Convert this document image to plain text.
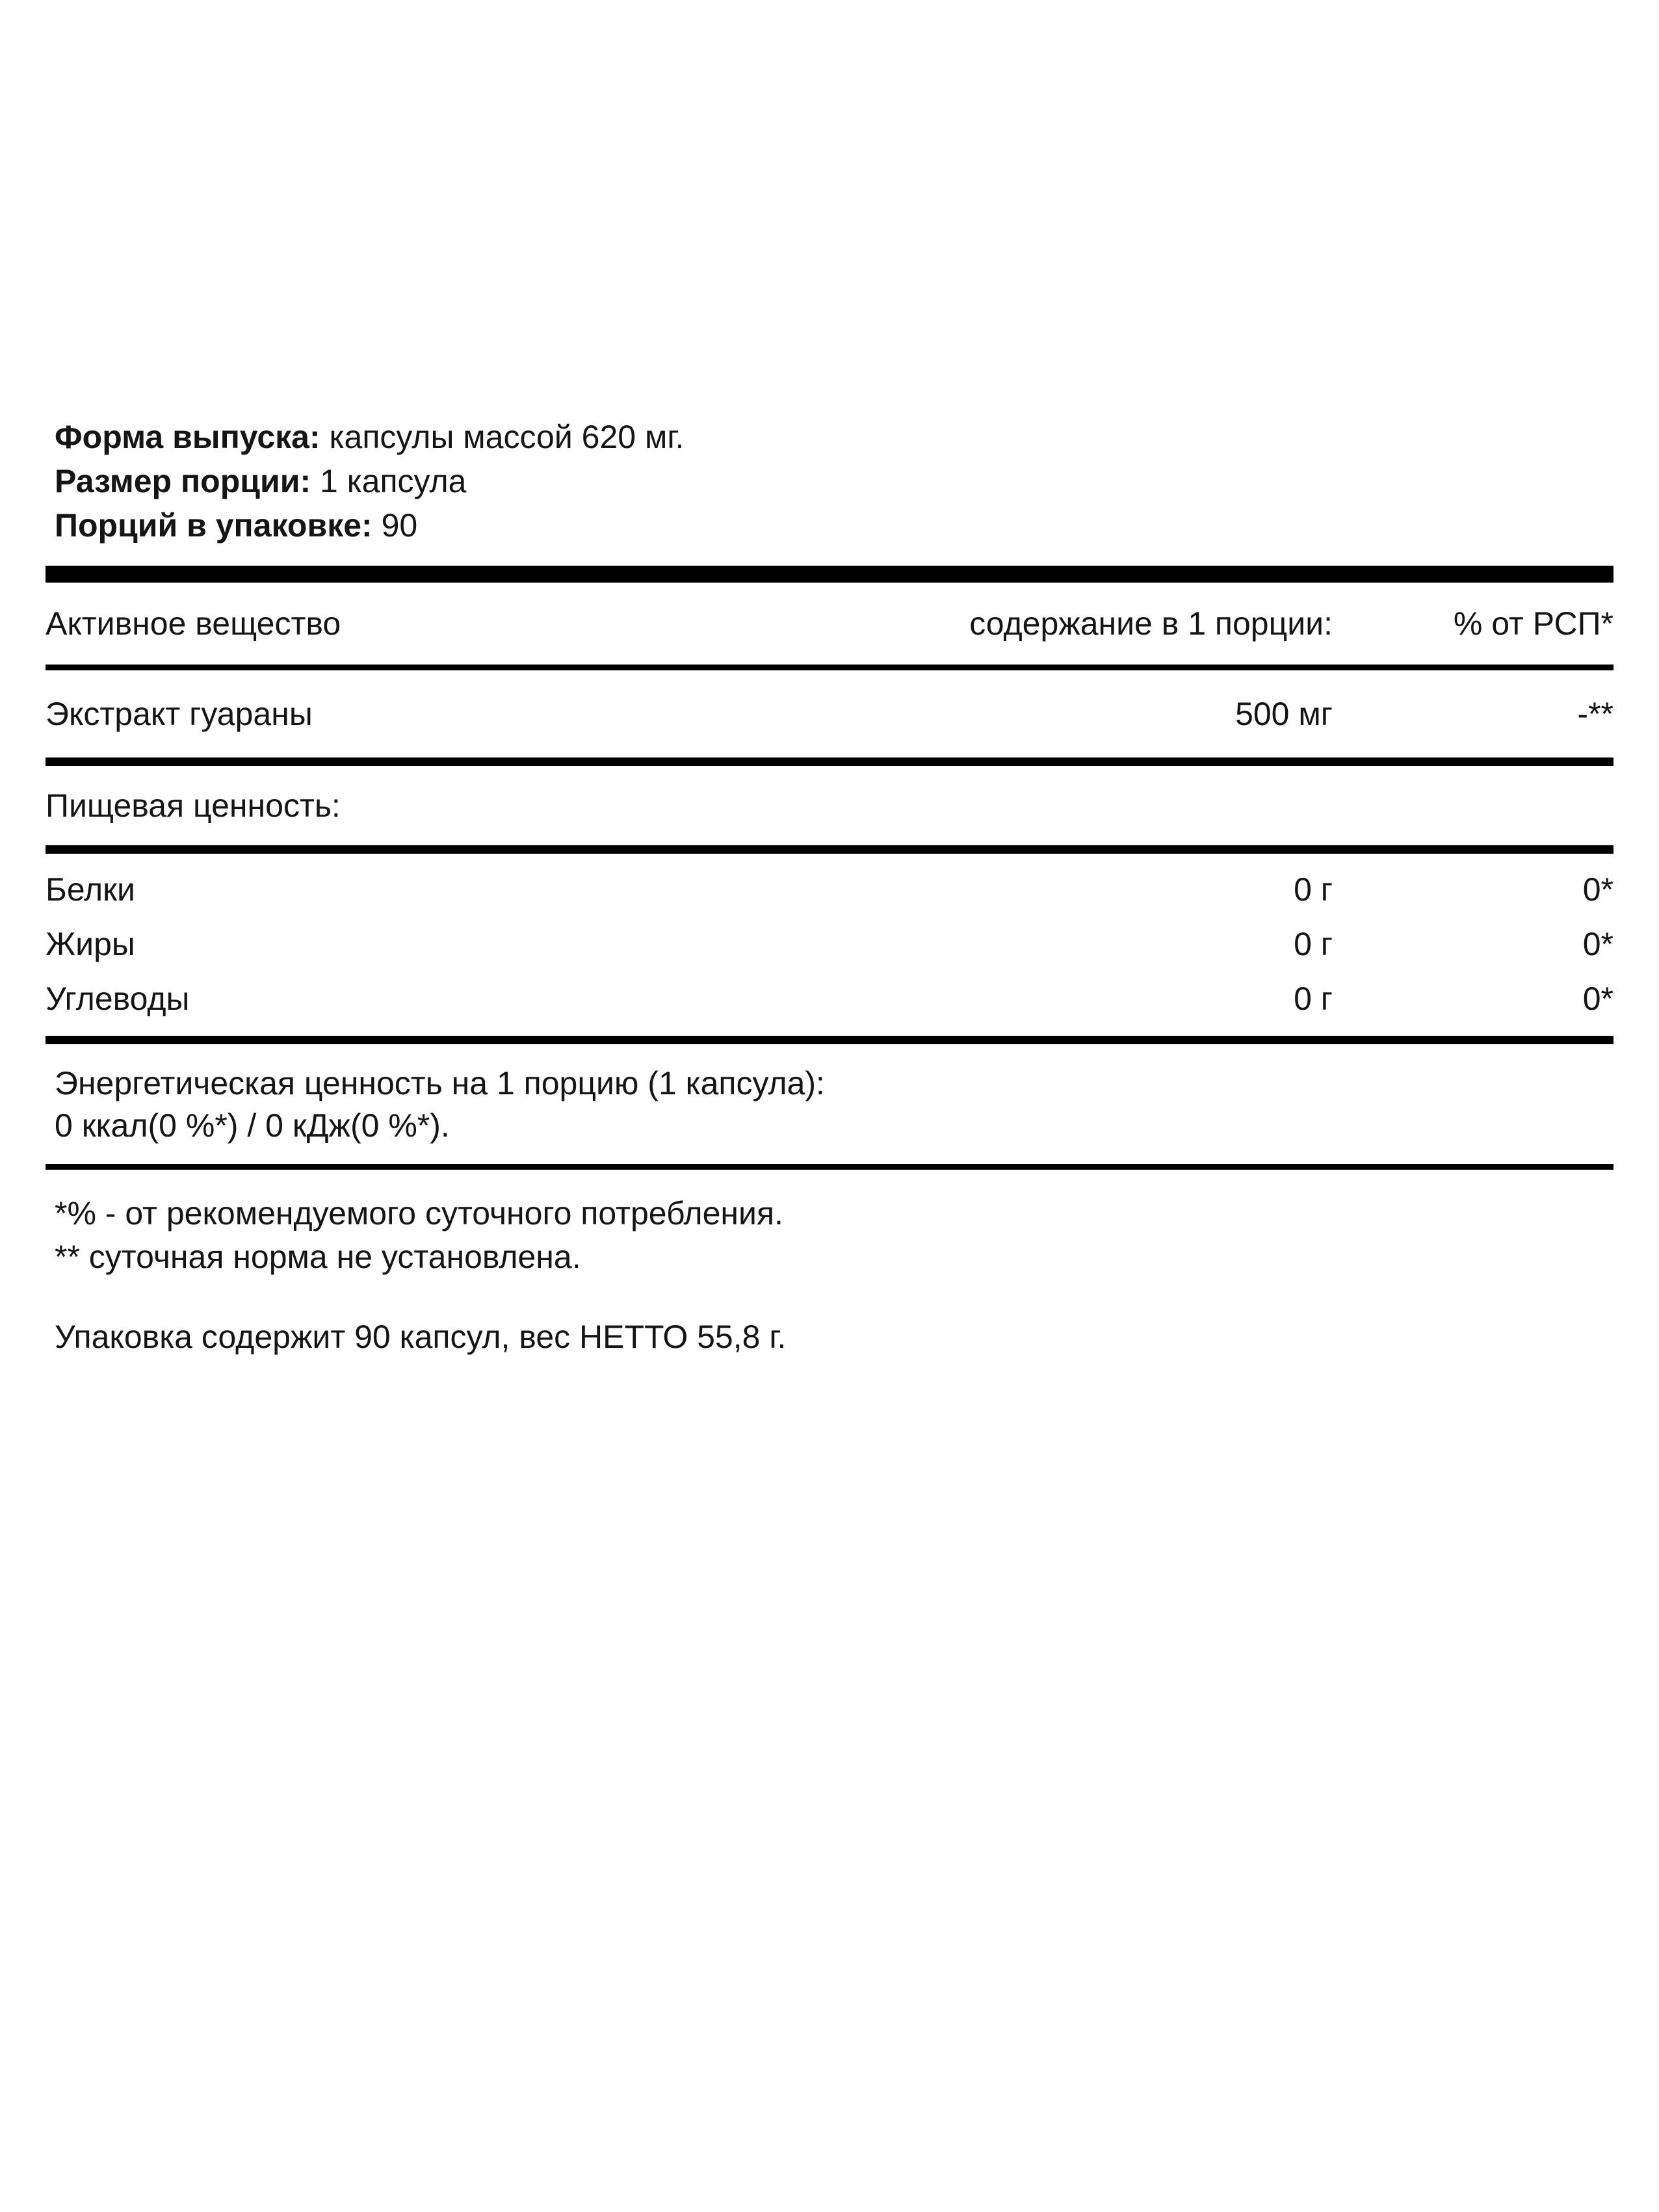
Форма выпуска: капсулы массой 620 мг.
Размер порции: 1 капсула
Порций в упаковке: 90
Активное вещество	содержание в 1 порции:	% от РСП*
Экстракт гуараны	500 мг	-**
Пищевая ценность:		
Белки	0 г	0*
Жиры	0 г	0*
Углеводы	0 г	0*
Энергетическая ценность на 1 порцию (1 капсула):
0 ккал(0 %*) / 0 кДж(0 %*).
*% - от рекомендуемого суточного потребления.
** суточная норма не установлена.
Упаковка содержит 90 капсул, вес НЕТТО 55,8 г.
